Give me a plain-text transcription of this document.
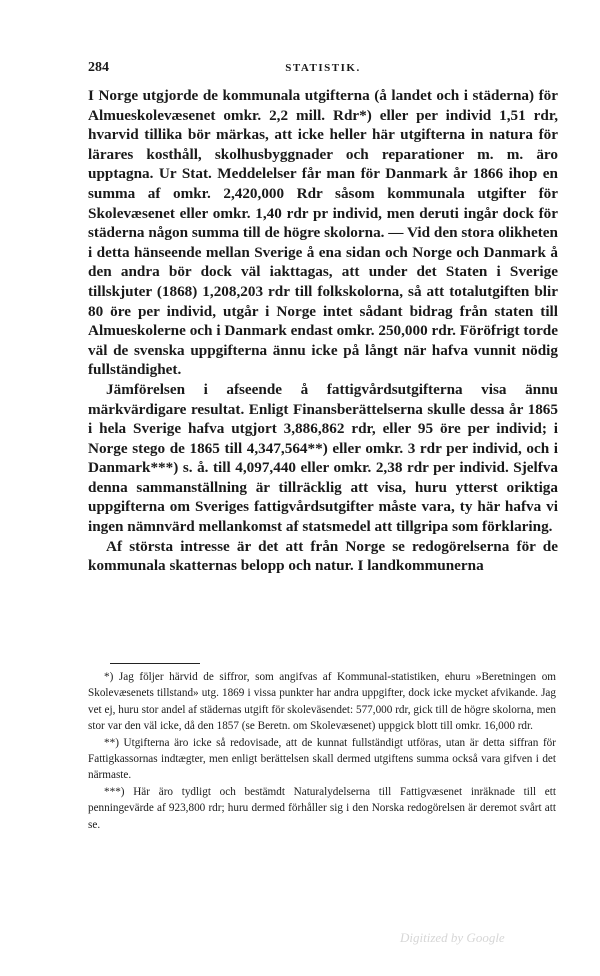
284	STATISTIK.

I Norge utgjorde de kommunala utgifterna (å landet och i städerna) för Almueskolevæsenet omkr. 2,2 mill. Rdr*) eller per individ 1,51 rdr, hvarvid tillika bör märkas, att icke heller här utgifterna in natura för lärares kosthåll, skolhusbyggnader och reparationer m. m. äro upptagna. Ur Stat. Meddelelser får man för Danmark år 1866 ihop en summa af omkr. 2,420,000 Rdr såsom kommunala utgifter för Skolevæsenet eller omkr. 1,40 rdr pr individ, men deruti ingår dock för städerna någon summa till de högre skolorna. — Vid den stora olikheten i detta hänseende mellan Sverige å ena sidan och Norge och Danmark å den andra bör dock väl iakttagas, att under det Staten i Sverige tillskjuter (1868) 1,208,203 rdr till folkskolorna, så att totalutgiften blir 80 öre per individ, utgår i Norge intet sådant bidrag från staten till Almueskolerne och i Danmark endast omkr. 250,000 rdr. Föröfrigt torde väl de svenska uppgifterna ännu icke på långt när hafva vunnit nödig fullständighet.

Jämförelsen i afseende å fattigvårdsutgifterna visa ännu märkvärdigare resultat. Enligt Finansberättelserna skulle dessa år 1865 i hela Sverige hafva utgjort 3,886,862 rdr, eller 95 öre per individ; i Norge stego de 1865 till 4,347,564**) eller omkr. 3 rdr per individ, och i Danmark***) s. å. till 4,097,440 eller omkr. 2,38 rdr per individ. Sjelfva denna sammanställning är tillräcklig att visa, huru ytterst oriktiga uppgifterna om Sveriges fattigvårdsutgifter måste vara, ty här hafva vi ingen nämnvärd mellankomst af statsmedel att tillgripa som förklaring.

Af största intresse är det att från Norge se redogörelserna för de kommunala skatternas belopp och natur. I landkommunerna

*) Jag följer härvid de siffror, som angifvas af Kommunal-statistiken, ehuru »Beretningen om Skolevæsenets tillstand» utg. 1869 i vissa punkter har andra uppgifter, dock icke mycket afvikande. Jag vet ej, huru stor andel af städernas utgift för skoleväsendet: 577,000 rdr, gick till de högre skolorna, men stor var den väl icke, då den 1857 (se Beretn. om Skolevæsenet) uppgick blott till omkr. 16,000 rdr.

**) Utgifterna äro icke så redovisade, att de kunnat fullständigt utföras, utan är detta siffran för Fattigkassornas indtægter, men enligt berättelsen skall dermed utgiftens summa också vara gifven i det närmaste.

***) Här äro tydligt och bestämdt Naturalydelserna till Fattigvæsenet inräknade till ett penningevärde af 923,800 rdr; huru dermed förhåller sig i den Norska redogörelsen är deremot svårt att se.

Digitized by Google
